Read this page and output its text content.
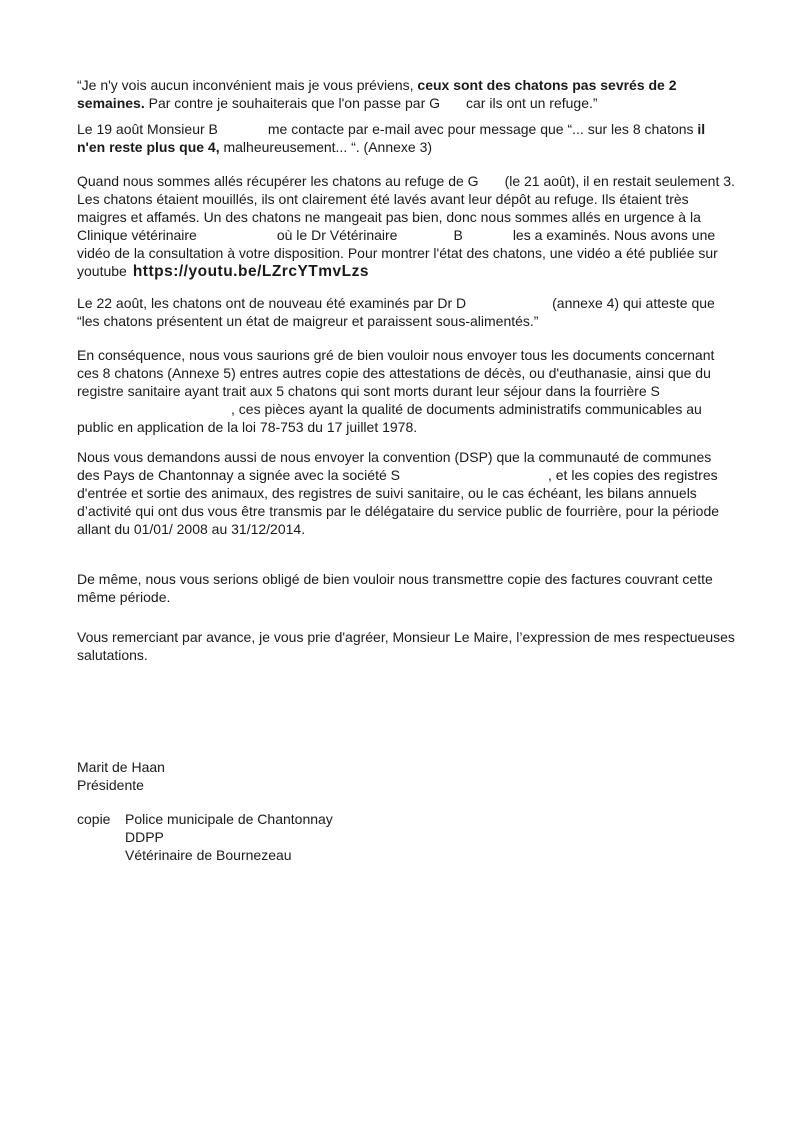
“Je n'y vois aucun inconvénient mais je vous préviens, ceux sont des chatons pas sevrés de 2 semaines. Par contre je souhaiterais que l'on passe par G car ils ont un refuge.”

Le 19 août Monsieur B	me contacte par e-mail avec pour message que “... sur les 8 chatons il n'en reste plus que 4, malheureusement... “. (Annexe 3)

Quand nous sommes allés récupérer les chatons au refuge de G (le 21 août), il en restait seulement 3. Les chatons étaient mouillés, ils ont clairement été lavés avant leur dépôt au refuge. Ils étaient très maigres et affamés. Un des chatons ne mangeait pas bien, donc nous sommes allés en urgence à la Clinique vétérinaire	où le Dr Vétérinaire	B	les a examinés. Nous avons une vidéo de la consultation à votre disposition. Pour montrer l'état des chatons, une vidéo a été publiée sur youtube https://youtu.be/LZrcYTmvLzs

Le 22 août, les chatons ont de nouveau été examinés par Dr D	(annexe 4) qui atteste que “les chatons présentent un état de maigreur et paraissent sous-alimentés.”

En conséquence, nous vous saurions gré de bien vouloir nous envoyer tous les documents concernant ces 8 chatons (Annexe 5) entres autres copie des attestations de décès, ou d'euthanasie, ainsi que du registre sanitaire ayant trait aux 5 chatons qui sont morts durant leur séjour dans la fourrière S, ces pièces ayant la qualité de documents administratifs communicables au public en application de la loi 78-753 du 17 juillet 1978.

Nous vous demandons aussi de nous envoyer la convention (DSP) que la communauté de communes des Pays de Chantonnay a signée avec la société S	, et les copies des registres d'entrée et sortie des animaux, des registres de suivi sanitaire, ou le cas échéant, les bilans annuels d’activité qui ont dus vous être transmis par le délégataire du service public de fourrière, pour la période allant du 01/01/ 2008 au 31/12/2014.

De même, nous vous serions obligé de bien vouloir nous transmettre copie des factures couvrant cette même période.

Vous remerciant par avance, je vous prie d'agréer, Monsieur Le Maire, l’expression de mes respectueuses salutations.

Marit de Haan
Présidente
copie Police municipale de Chantonnay
DDPP
Vétérinaire de Bournezeau
